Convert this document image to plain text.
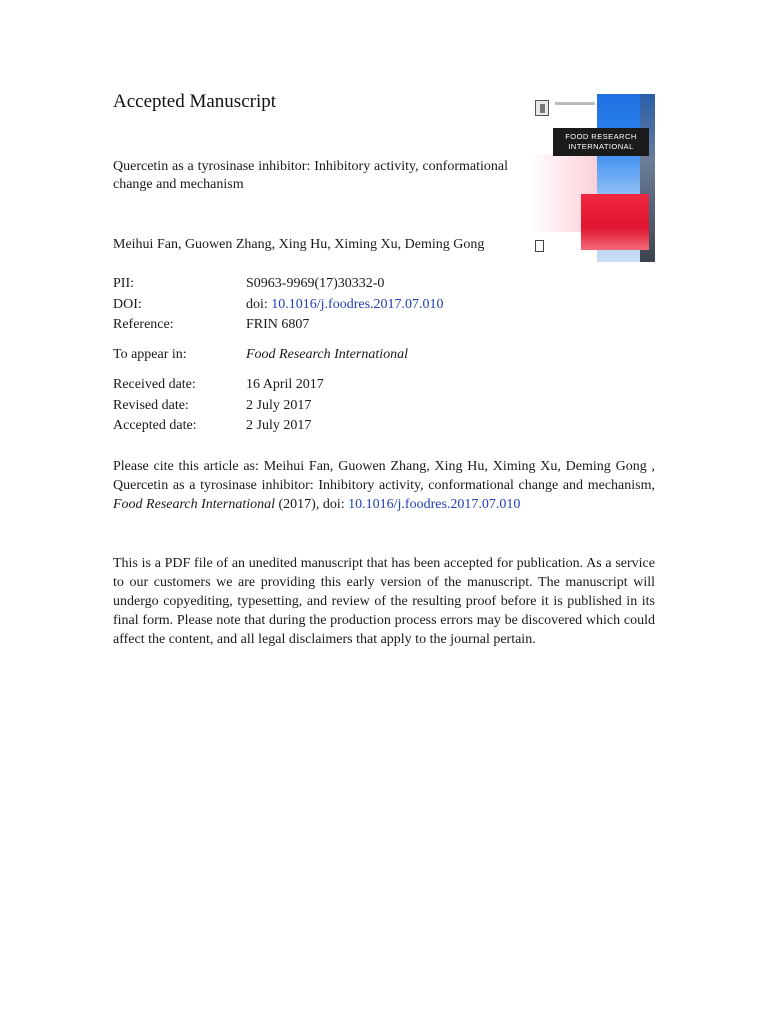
Accepted Manuscript
Quercetin as a tyrosinase inhibitor: Inhibitory activity, conformational change and mechanism
Meihui Fan, Guowen Zhang, Xing Hu, Ximing Xu, Deming Gong
FOOD RESEARCH
INTERNATIONAL
PII:	S0963-9969(17)30332-0
DOI:	doi: 10.1016/j.foodres.2017.07.010
Reference:	FRIN 6807
To appear in:	Food Research International
Received date:	16 April 2017
Revised date:	2 July 2017
Accepted date:	2 July 2017
Please cite this article as: Meihui Fan, Guowen Zhang, Xing Hu, Ximing Xu, Deming Gong , Quercetin as a tyrosinase inhibitor: Inhibitory activity, conformational change and mechanism, Food Research International (2017), doi: 10.1016/j.foodres.2017.07.010
This is a PDF file of an unedited manuscript that has been accepted for publication. As a service to our customers we are providing this early version of the manuscript. The manuscript will undergo copyediting, typesetting, and review of the resulting proof before it is published in its final form. Please note that during the production process errors may be discovered which could affect the content, and all legal disclaimers that apply to the journal pertain.
